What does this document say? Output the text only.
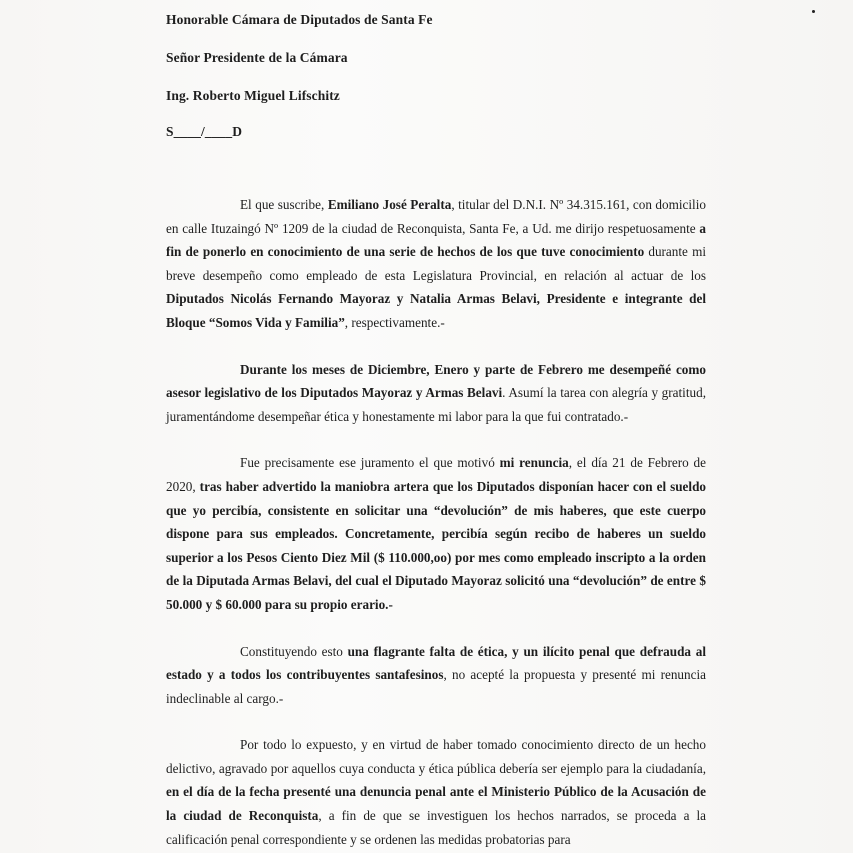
Honorable Cámara de Diputados de Santa Fe
Señor Presidente de la Cámara
Ing. Roberto Miguel Lifschitz
S____/____D

El que suscribe, Emiliano José Peralta, titular del D.N.I. Nº 34.315.161, con domicilio en calle Ituzaingó Nº 1209 de la ciudad de Reconquista, Santa Fe, a Ud. me dirijo respetuosamente a fin de ponerlo en conocimiento de una serie de hechos de los que tuve conocimiento durante mi breve desempeño como empleado de esta Legislatura Provincial, en relación al actuar de los Diputados Nicolás Fernando Mayoraz y Natalia Armas Belavi, Presidente e integrante del Bloque “Somos Vida y Familia”, respectivamente.-

Durante los meses de Diciembre, Enero y parte de Febrero me desempeñé como asesor legislativo de los Diputados Mayoraz y Armas Belavi. Asumí la tarea con alegría y gratitud, juramentándome desempeñar ética y honestamente mi labor para la que fui contratado.-

Fue precisamente ese juramento el que motivó mi renuncia, el día 21 de Febrero de 2020, tras haber advertido la maniobra artera que los Diputados disponían hacer con el sueldo que yo percibía, consistente en solicitar una “devolución” de mis haberes, que este cuerpo dispone para sus empleados. Concretamente, percibía según recibo de haberes un sueldo superior a los Pesos Ciento Diez Mil ($ 110.000,oo) por mes como empleado inscripto a la orden de la Diputada Armas Belavi, del cual el Diputado Mayoraz solicitó una “devolución” de entre $ 50.000 y $ 60.000 para su propio erario.-

Constituyendo esto una flagrante falta de ética, y un ilícito penal que defrauda al estado y a todos los contribuyentes santafesinos, no acepté la propuesta y presenté mi renuncia indeclinable al cargo.-

Por todo lo expuesto, y en virtud de haber tomado conocimiento directo de un hecho delictivo, agravado por aquellos cuya conducta y ética pública debería ser ejemplo para la ciudadanía, en el día de la fecha presenté una denuncia penal ante el Ministerio Público de la Acusación de la ciudad de Reconquista, a fin de que se investiguen los hechos narrados, se proceda a la calificación penal correspondiente y se ordenen las medidas probatorias para
